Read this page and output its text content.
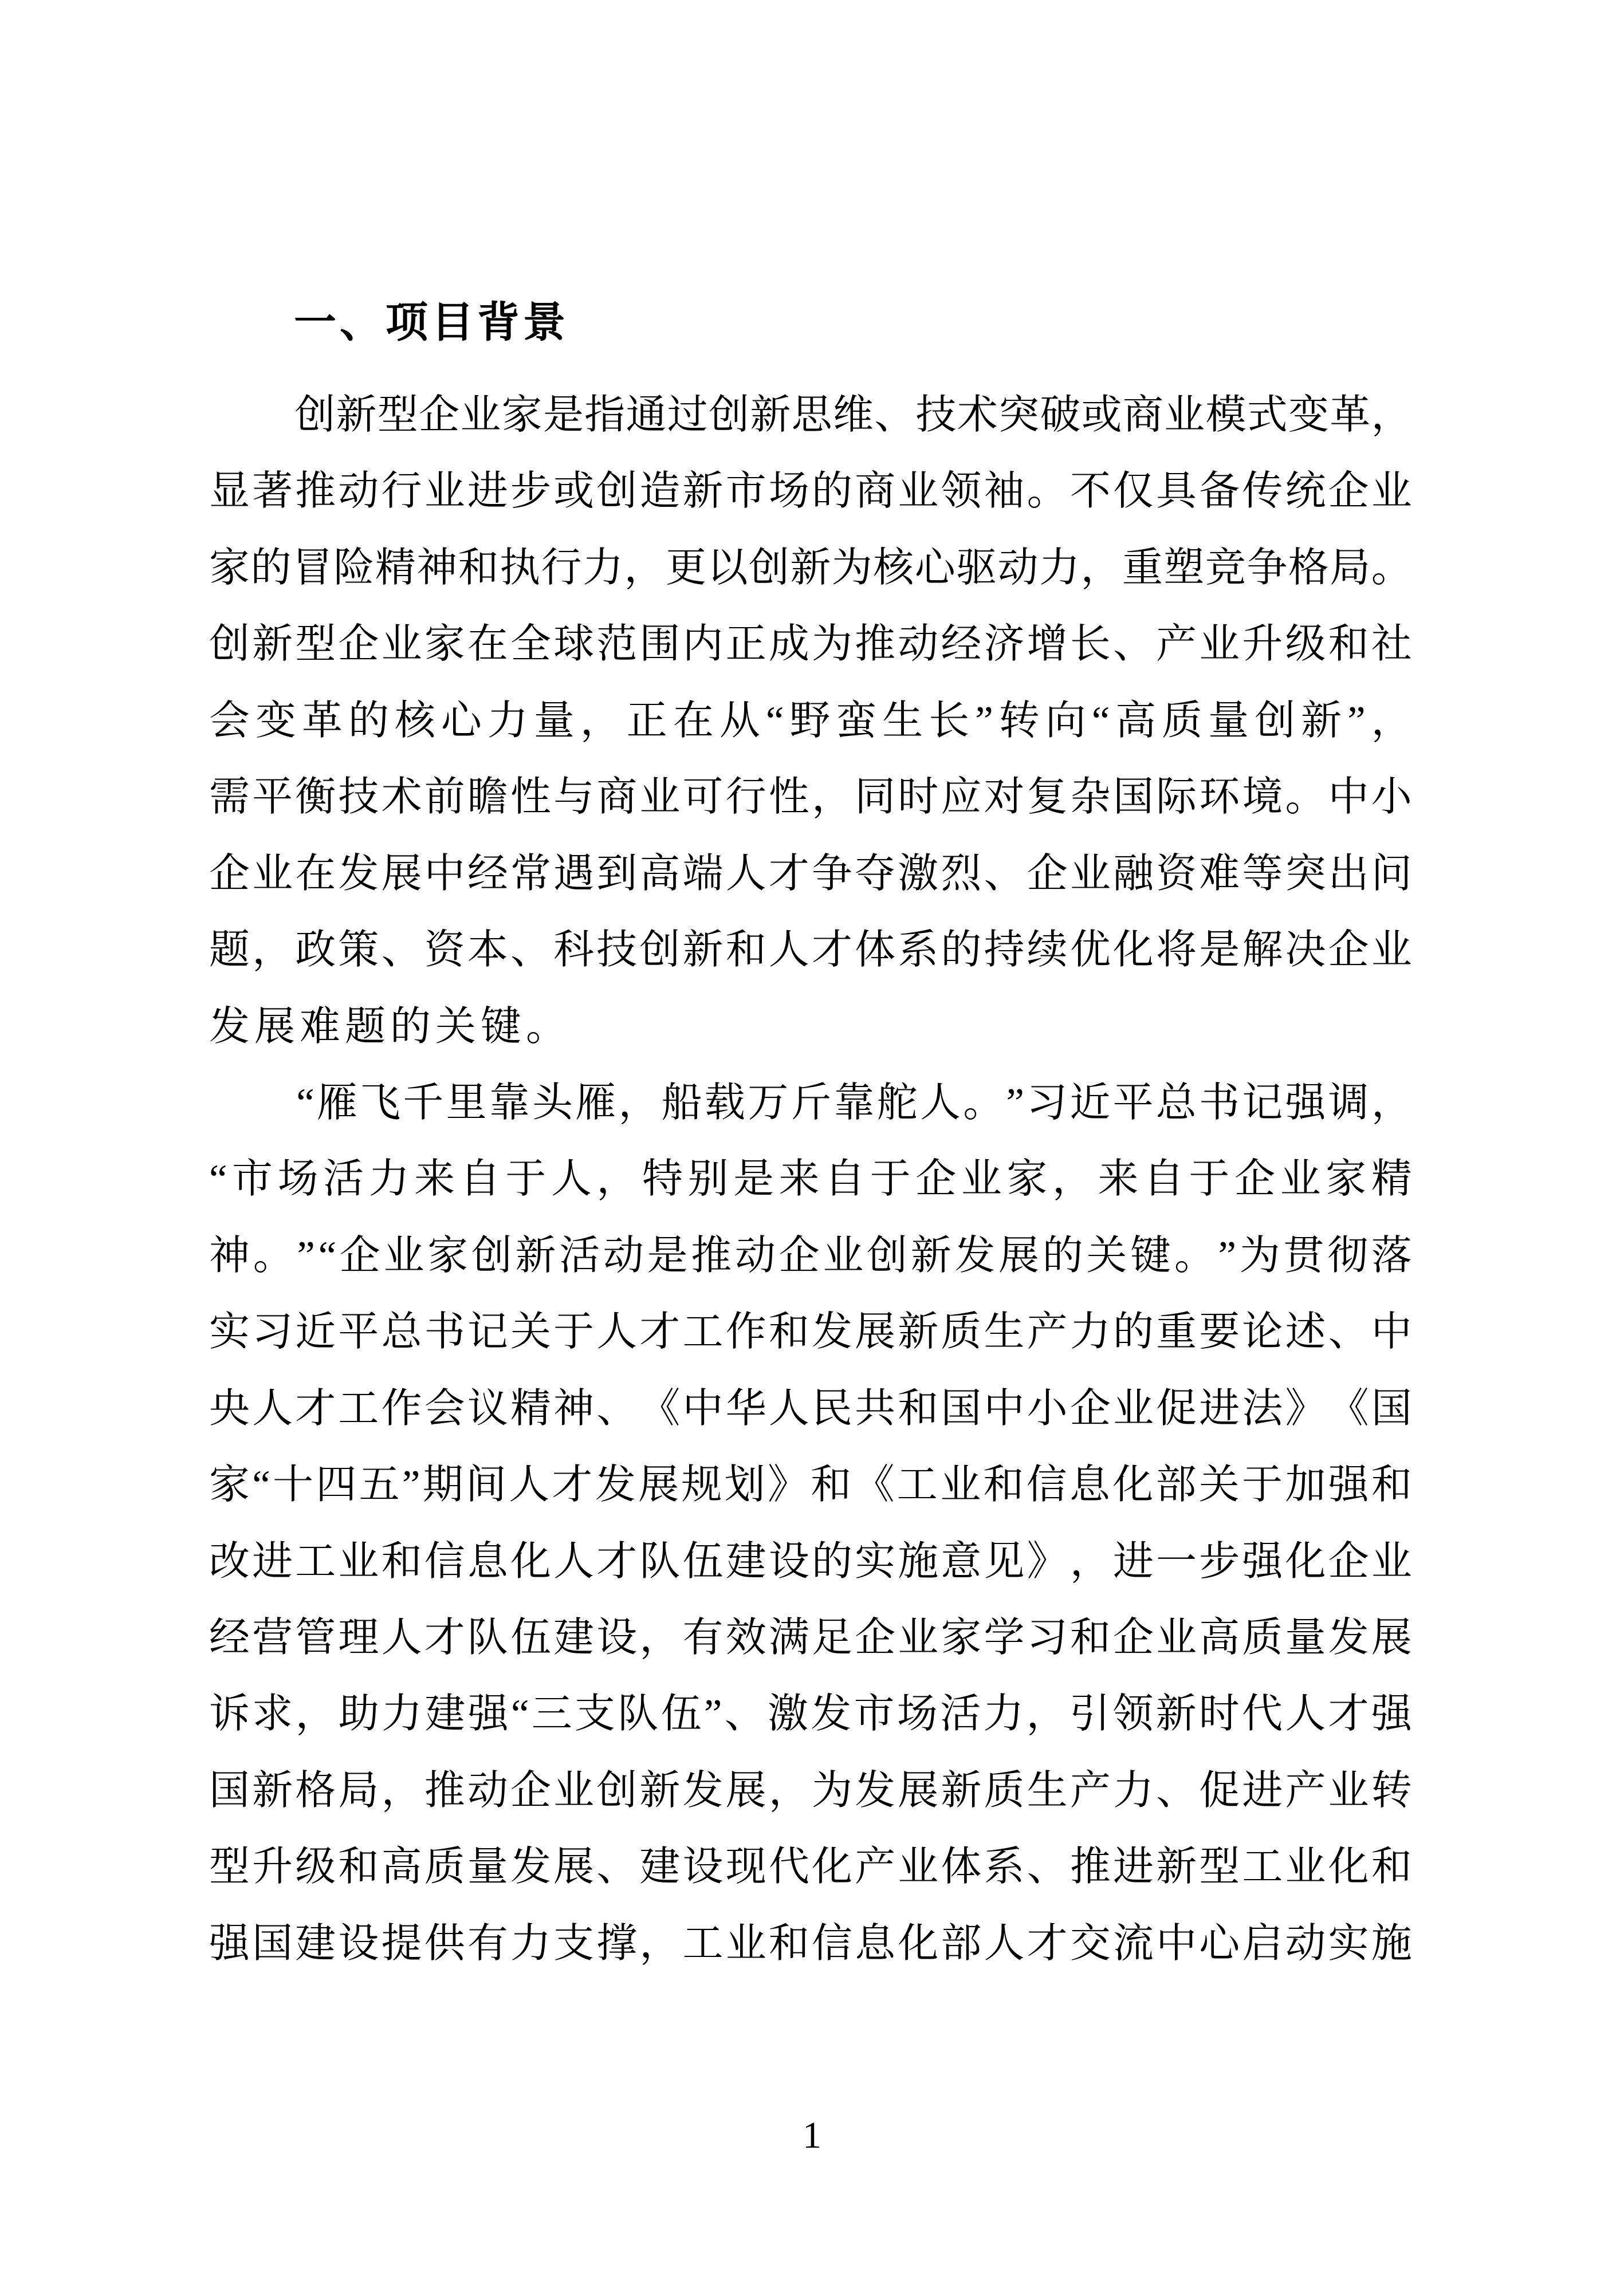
一、项目背景
创 新 型 企 业 家 是 指 通 过 创 新 思 维 、 技 术 突 破 或 商 业 模 式 变 革 ，
显 著 推 动 行 业 进 步 或 创 造 新 市 场 的 商 业 领 袖 。 不 仅 具 备 传 统 企 业
家 的 冒 险 精 神 和 执 行 力 ， 更 以 创 新 为 核 心 驱 动 力 ， 重 塑 竞 争 格 局 。
创 新 型 企 业 家 在 全 球 范 围 内 正 成 为 推 动 经 济 增 长 、 产 业 升 级 和 社
会 变 革 的 核 心 力 量 ， 正 在 从 “ 野 蛮 生 长 ” 转 向 “ 高 质 量 创 新 ” ，
需 平 衡 技 术 前 瞻 性 与 商 业 可 行 性 ， 同 时 应 对 复 杂 国 际 环 境 。 中 小
企 业 在 发 展 中 经 常 遇 到 高 端 人 才 争 夺 激 烈 、 企 业 融 资 难 等 突 出 问
题 ， 政 策 、 资 本 、 科 技 创 新 和 人 才 体 系 的 持 续 优 化 将 是 解 决 企 业
发展难题的关键。
“ 雁 飞 千 里 靠 头 雁 ， 船 载 万 斤 靠 舵 人 。 ” 习 近 平 总 书 记 强 调 ，
“ 市 场 活 力 来 自 于 人 ， 特 别 是 来 自 于 企 业 家 ， 来 自 于 企 业 家 精
神 。 ” “ 企 业 家 创 新 活 动 是 推 动 企 业 创 新 发 展 的 关 键 。 ” 为 贯 彻 落
实 习 近 平 总 书 记 关 于 人 才 工 作 和 发 展 新 质 生 产 力 的 重 要 论 述 、 中
央 人 才 工 作 会 议 精 神 、 《 中 华 人 民 共 和 国 中 小 企 业 促 进 法 》 《 国
家 “ 十 四 五 ” 期 间 人 才 发 展 规 划 》 和 《 工 业 和 信 息 化 部 关 于 加 强 和
改 进 工 业 和 信 息 化 人 才 队 伍 建 设 的 实 施 意 见 》 ， 进 一 步 强 化 企 业
经 营 管 理 人 才 队 伍 建 设 ， 有 效 满 足 企 业 家 学 习 和 企 业 高 质 量 发 展
诉 求 ， 助 力 建 强 “ 三 支 队 伍 ” 、 激 发 市 场 活 力 ， 引 领 新 时 代 人 才 强
国 新 格 局 ， 推 动 企 业 创 新 发 展 ， 为 发 展 新 质 生 产 力 、 促 进 产 业 转
型 升 级 和 高 质 量 发 展 、 建 设 现 代 化 产 业 体 系 、 推 进 新 型 工 业 化 和
强 国 建 设 提 供 有 力 支 撑 ， 工 业 和 信 息 化 部 人 才 交 流 中 心 启 动 实 施
1
